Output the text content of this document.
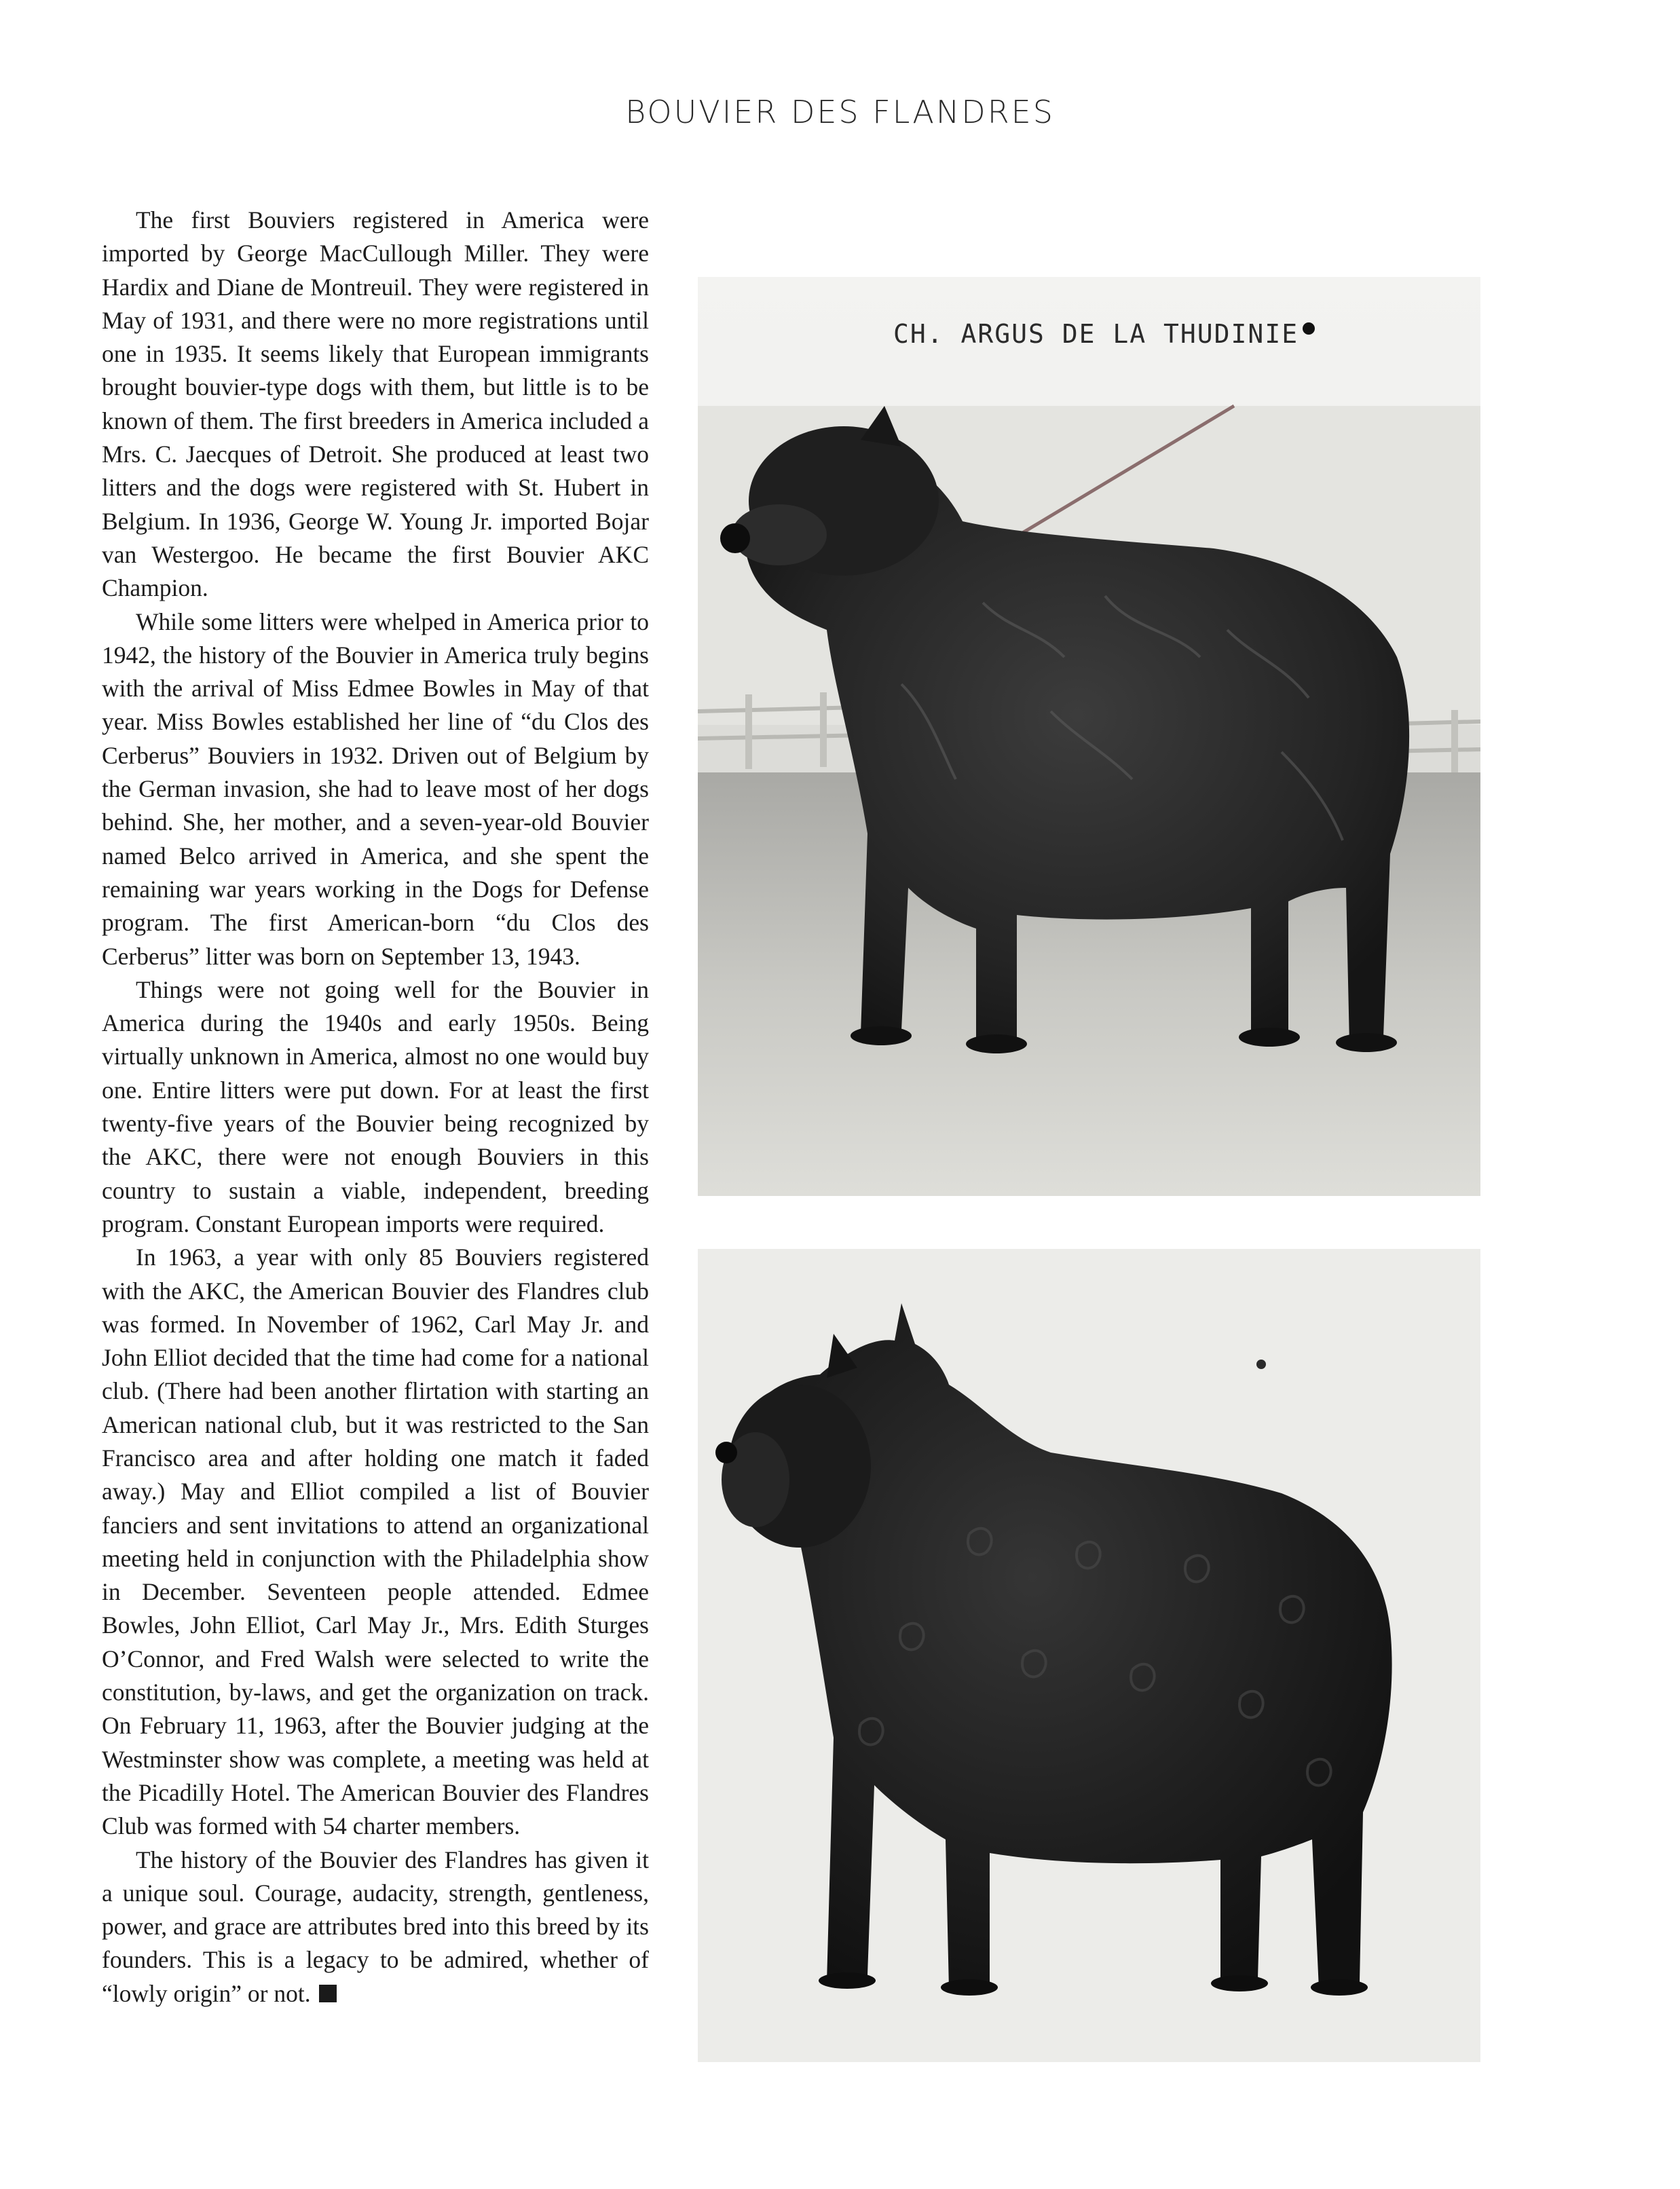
BOUVIER DES FLANDRES

The first Bouviers registered in America were imported by George MacCullough Miller. They were Hardix and Diane de Montreuil. They were registered in May of 1931, and there were no more registrations until one in 1935. It seems likely that European immigrants brought bouvier-type dogs with them, but little is to be known of them. The first breeders in America included a Mrs. C. Jaecques of Detroit. She produced at least two litters and the dogs were registered with St. Hubert in Belgium. In 1936, George W. Young Jr. imported Bojar van Westergoo. He became the first Bouvier AKC Champion.

While some litters were whelped in America prior to 1942, the history of the Bouvier in America truly begins with the arrival of Miss Edmee Bowles in May of that year. Miss Bowles established her line of “du Clos des Cerberus” Bouviers in 1932. Driven out of Belgium by the German invasion, she had to leave most of her dogs behind. She, her mother, and a seven-year-old Bouvier named Belco arrived in America, and she spent the remaining war years working in the Dogs for Defense program. The first American-born “du Clos des Cerberus” litter was born on September 13, 1943.

Things were not going well for the Bouvier in America during the 1940s and early 1950s. Being virtually unknown in America, almost no one would buy one. Entire litters were put down. For at least the first twenty-five years of the Bouvier being recognized by the AKC, there were not enough Bouviers in this country to sustain a viable, independent, breeding program. Constant European imports were required.

In 1963, a year with only 85 Bouviers registered with the AKC, the American Bouvier des Flandres club was formed. In November of 1962, Carl May Jr. and John Elliot decided that the time had come for a national club. (There had been another flirtation with starting an American national club, but it was restricted to the San Francisco area and after holding one match it faded away.) May and Elliot compiled a list of Bouvier fanciers and sent invitations to attend an organizational meeting held in conjunction with the Philadelphia show in December. Seventeen people attended. Edmee Bowles, John Elliot, Carl May Jr., Mrs. Edith Sturges O’Connor, and Fred Walsh were selected to write the constitution, by-laws, and get the organization on track. On February 11, 1963, after the Bouvier judging at the Westminster show was complete, a meeting was held at the Picadilly Hotel. The American Bouvier des Flandres Club was formed with 54 charter members.

The history of the Bouvier des Flandres has given it a unique soul. Courage, audacity, strength, gentleness, power, and grace are attributes bred into this breed by its founders. This is a legacy to be admired, whether of “lowly origin” or not.

CH. ARGUS DE LA THUDINIE
